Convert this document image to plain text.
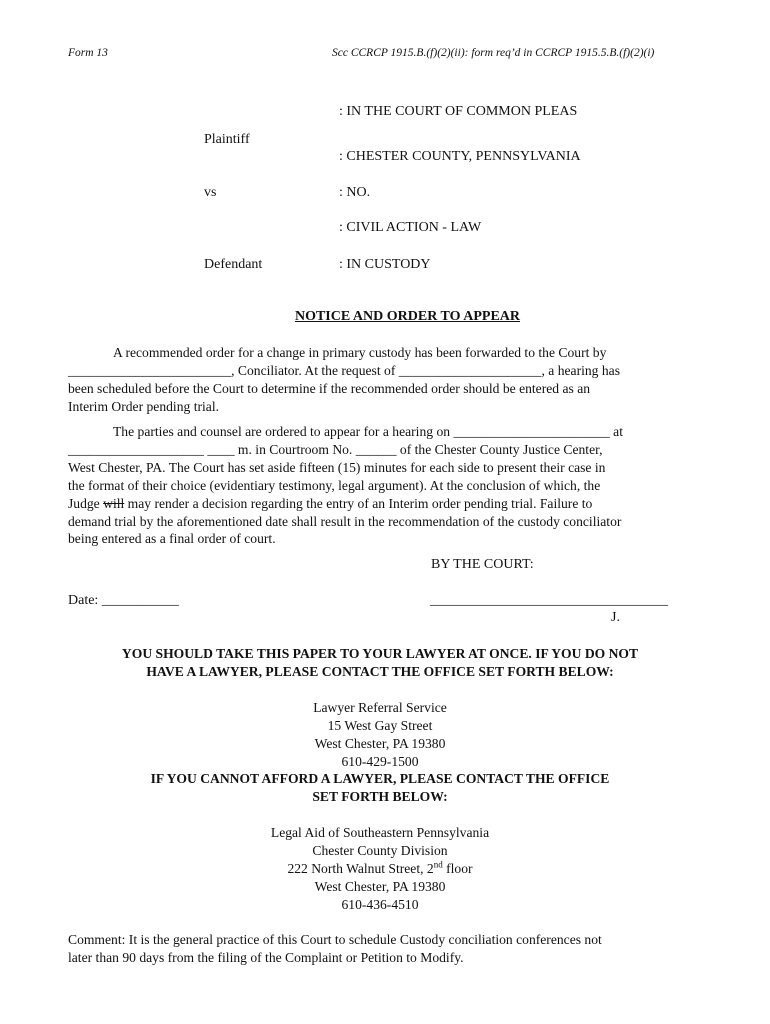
Form 13	Scc CCRCP 1915.B.(f)(2)(ii): form req’d in CCRCP 1915.5.B.(f)(2)(i)
: IN THE COURT OF COMMON PLEAS
Plaintiff
: CHESTER COUNTY, PENNSYLVANIA
vs	: NO.
: CIVIL ACTION - LAW
Defendant	: IN CUSTODY
NOTICE AND ORDER TO APPEAR
A recommended order for a change in primary custody has been forwarded to the Court by
________________________, Conciliator. At the request of _____________________, a hearing has
been scheduled before the Court to determine if the recommended order should be entered as an
Interim Order pending trial.
The parties and counsel are ordered to appear for a hearing on _______________________ at
____________________ ____ m. in Courtroom No. ______ of the Chester County Justice Center,
West Chester, PA. The Court has set aside fifteen (15) minutes for each side to present their case in
the format of their choice (evidentiary testimony, legal argument). At the conclusion of which, the
Judge will may render a decision regarding the entry of an Interim order pending trial. Failure to
demand trial by the aforementioned date shall result in the recommendation of the custody conciliator
being entered as a final order of court.
BY THE COURT:
Date: ___________	__________________________________
J.
YOU SHOULD TAKE THIS PAPER TO YOUR LAWYER AT ONCE. IF YOU DO NOT
HAVE A LAWYER, PLEASE CONTACT THE OFFICE SET FORTH BELOW:
Lawyer Referral Service
15 West Gay Street
West Chester, PA 19380
610-429-1500
IF YOU CANNOT AFFORD A LAWYER, PLEASE CONTACT THE OFFICE
SET FORTH BELOW:
Legal Aid of Southeastern Pennsylvania
Chester County Division
222 North Walnut Street, 2nd floor
West Chester, PA 19380
610-436-4510
Comment: It is the general practice of this Court to schedule Custody conciliation conferences not
later than 90 days from the filing of the Complaint or Petition to Modify.
